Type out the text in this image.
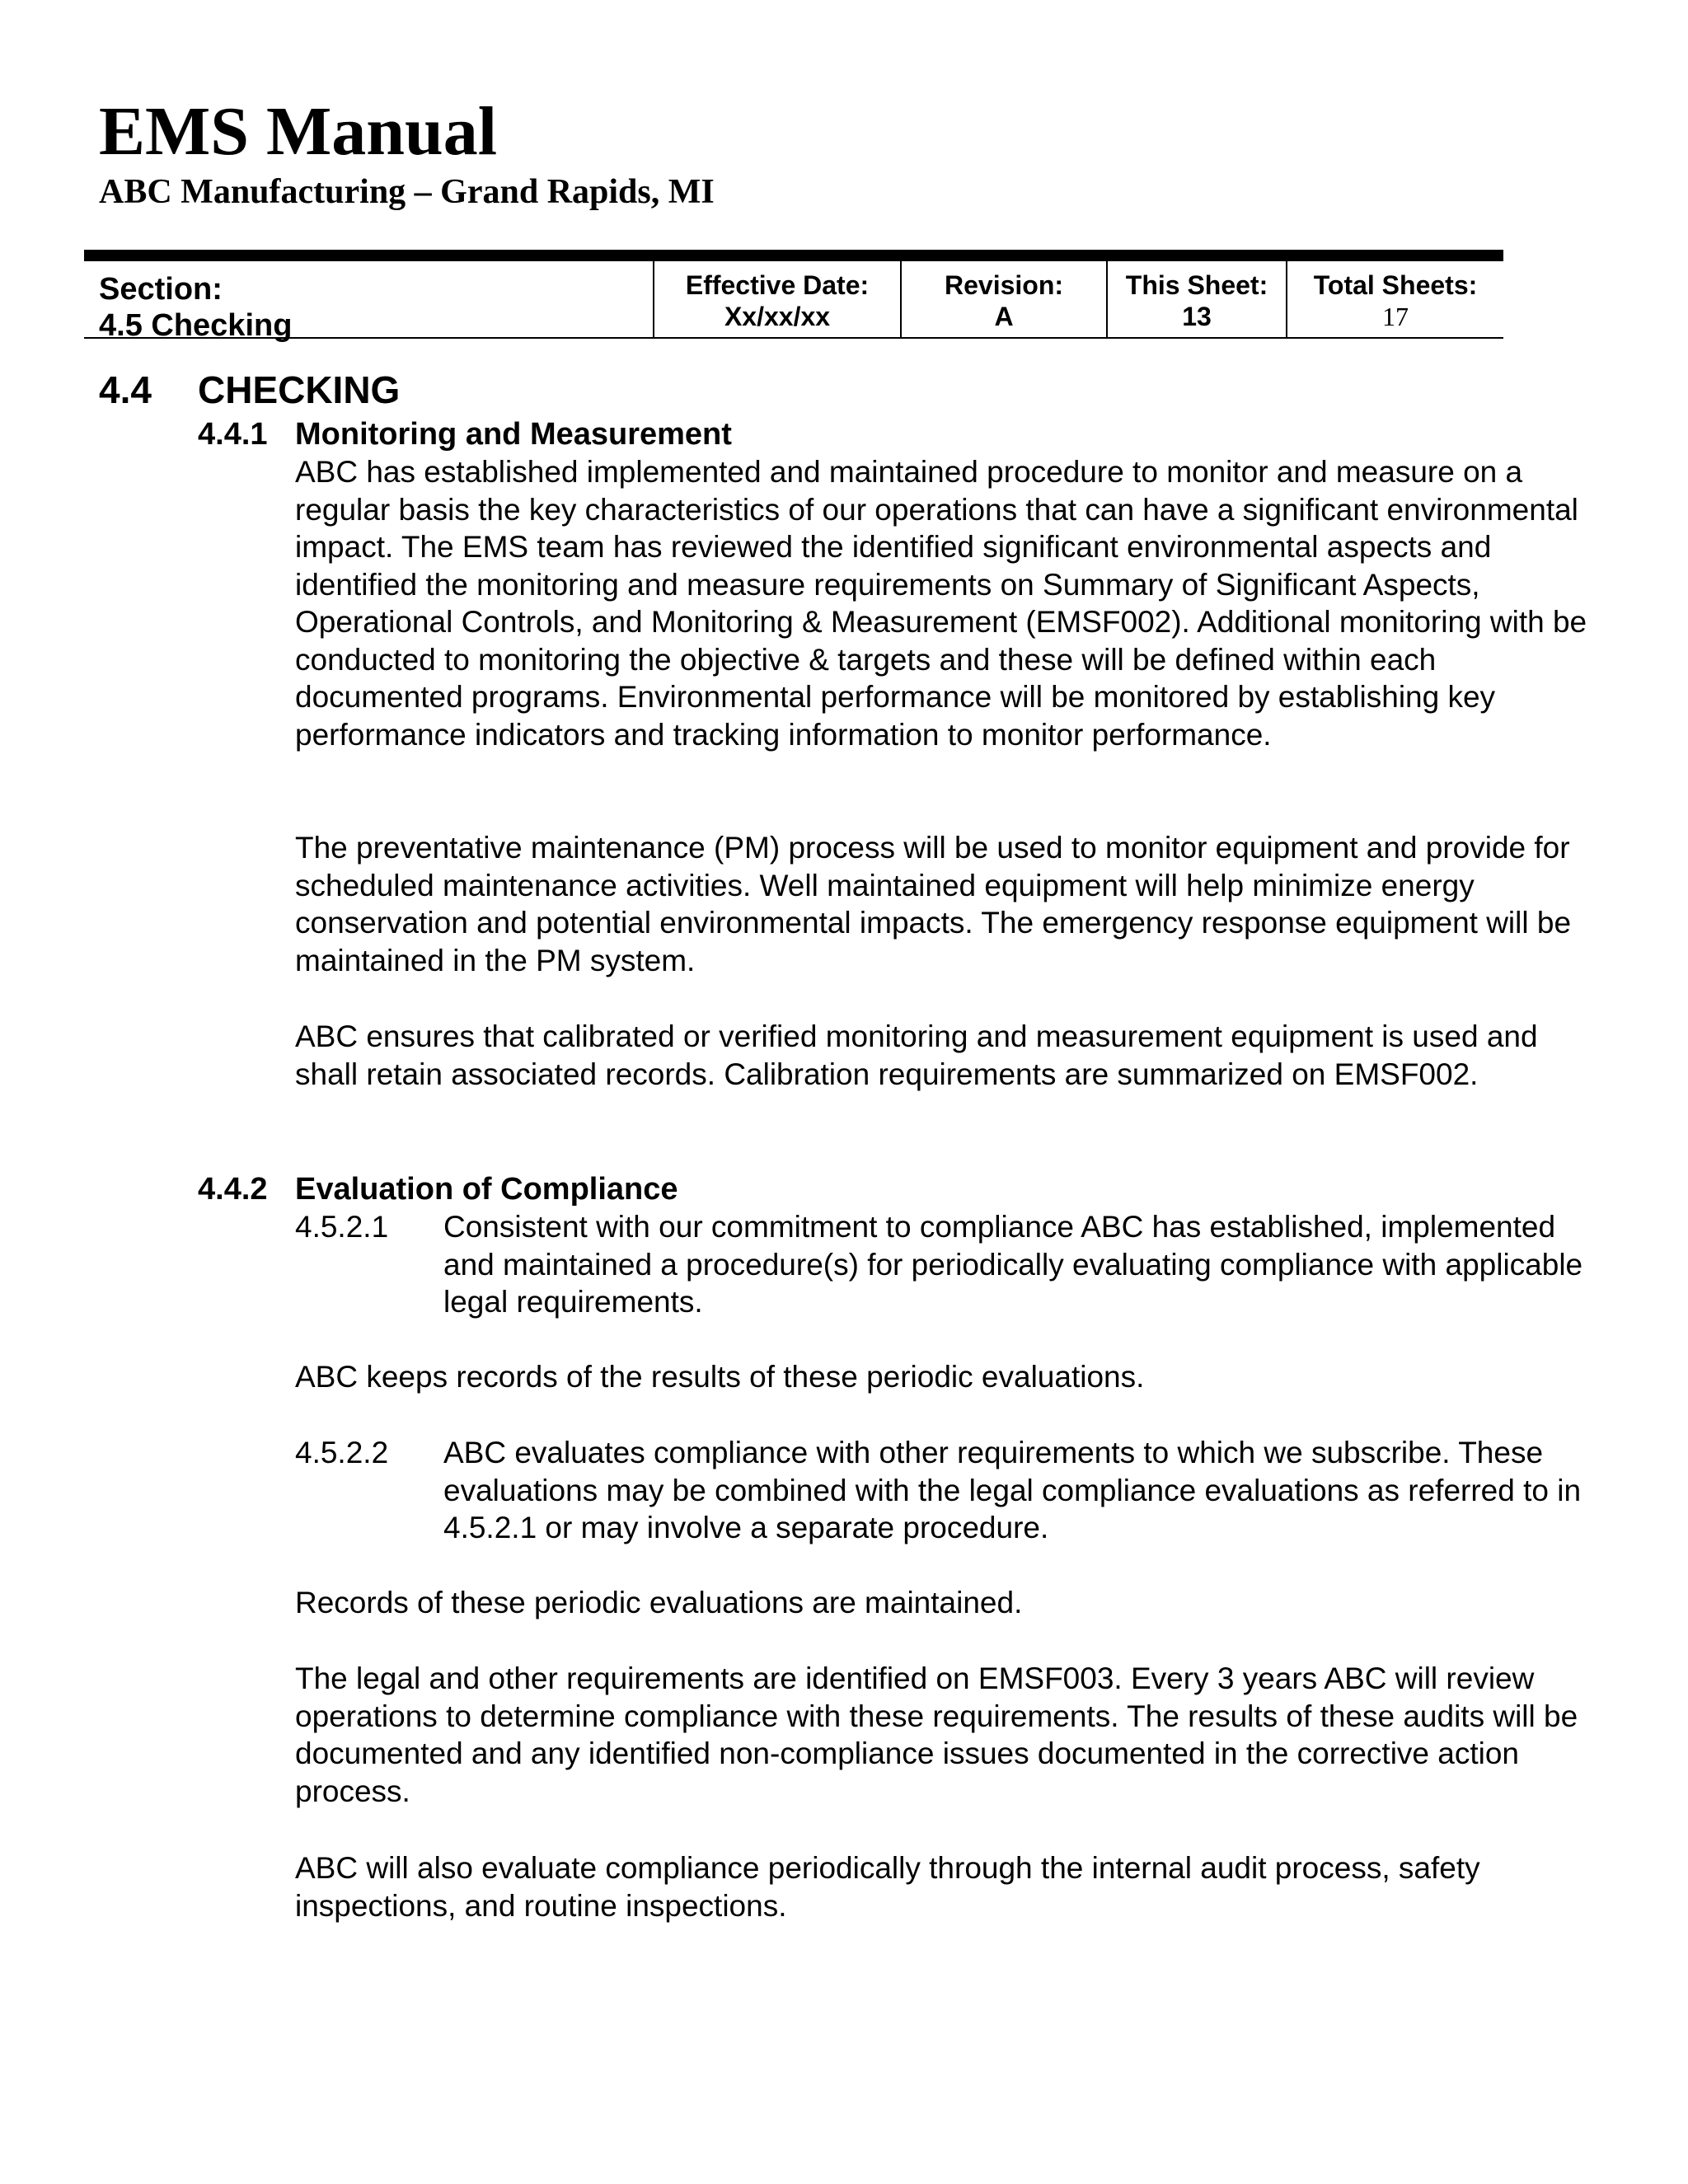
EMS Manual
ABC Manufacturing – Grand Rapids, MI
Section:
4.5 Checking
Effective Date:
Xx/xx/xx
Revision:
A
This Sheet:
13
Total Sheets:
17
4.4 CHECKING
4.4.1 Monitoring and Measurement

ABC has established implemented and maintained procedure to monitor and measure on a regular basis the key characteristics of our operations that can have a significant environmental impact. The EMS team has reviewed the identified significant environmental aspects and identified the monitoring and measure requirements on Summary of Significant Aspects, Operational Controls, and Monitoring & Measurement (EMSF002). Additional monitoring with be conducted to monitoring the objective & targets and these will be defined within each documented programs. Environmental performance will be monitored by establishing key performance indicators and tracking information to monitor performance.

The preventative maintenance (PM) process will be used to monitor equipment and provide for scheduled maintenance activities. Well maintained equipment will help minimize energy conservation and potential environmental impacts. The emergency response equipment will be maintained in the PM system.

ABC ensures that calibrated or verified monitoring and measurement equipment is used and shall retain associated records. Calibration requirements are summarized on EMSF002.

4.4.2 Evaluation of Compliance
4.5.2.1 Consistent with our commitment to compliance ABC has established, implemented and maintained a procedure(s) for periodically evaluating compliance with applicable legal requirements.

ABC keeps records of the results of these periodic evaluations.

4.5.2.2 ABC evaluates compliance with other requirements to which we subscribe. These evaluations may be combined with the legal compliance evaluations as referred to in 4.5.2.1 or may involve a separate procedure.

Records of these periodic evaluations are maintained.

The legal and other requirements are identified on EMSF003. Every 3 years ABC will review operations to determine compliance with these requirements. The results of these audits will be documented and any identified non-compliance issues documented in the corrective action process.

ABC will also evaluate compliance periodically through the internal audit process, safety inspections, and routine inspections.
